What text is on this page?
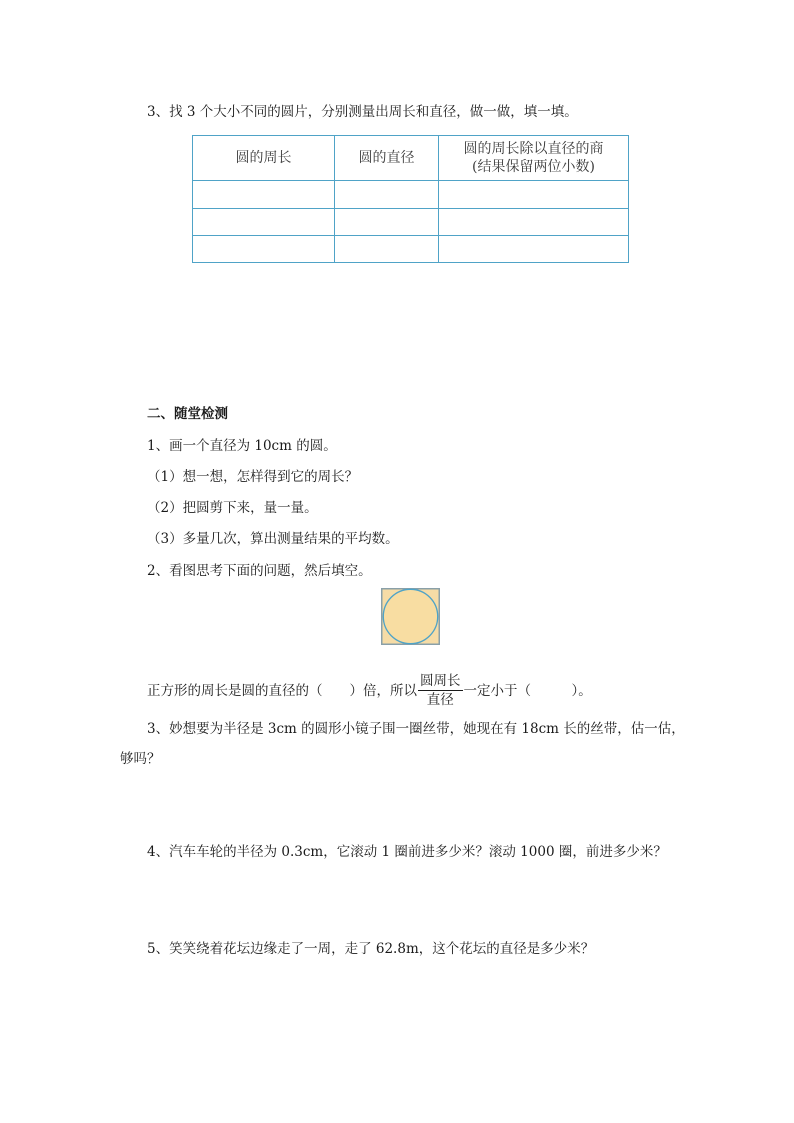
3、找 3 个大小不同的圆片，分别测量出周长和直径，做一做，填一填。
圆的周长	圆的直径	圆的周长除以直径的商
(结果保留两位小数)

二、随堂检测
1、画一个直径为 10cm 的圆。
（1）想一想，怎样得到它的周长？
（2）把圆剪下来，量一量。
（3）多量几次，算出测量结果的平均数。
2、看图思考下面的问题，然后填空。
正方形的周长是圆的直径的（　　）倍，所以 $\frac{\text{圆周长}}{\text{直径}}$ 一定小于（　　　）。
3、妙想要为半径是 3cm 的圆形小镜子围一圈丝带，她现在有 18cm 长的丝带，估一估，
够吗？
4、汽车车轮的半径为 0.3cm，它滚动 1 圈前进多少米？滚动 1000 圈，前进多少米？
5、笑笑绕着花坛边缘走了一周，走了 62.8m，这个花坛的直径是多少米？
